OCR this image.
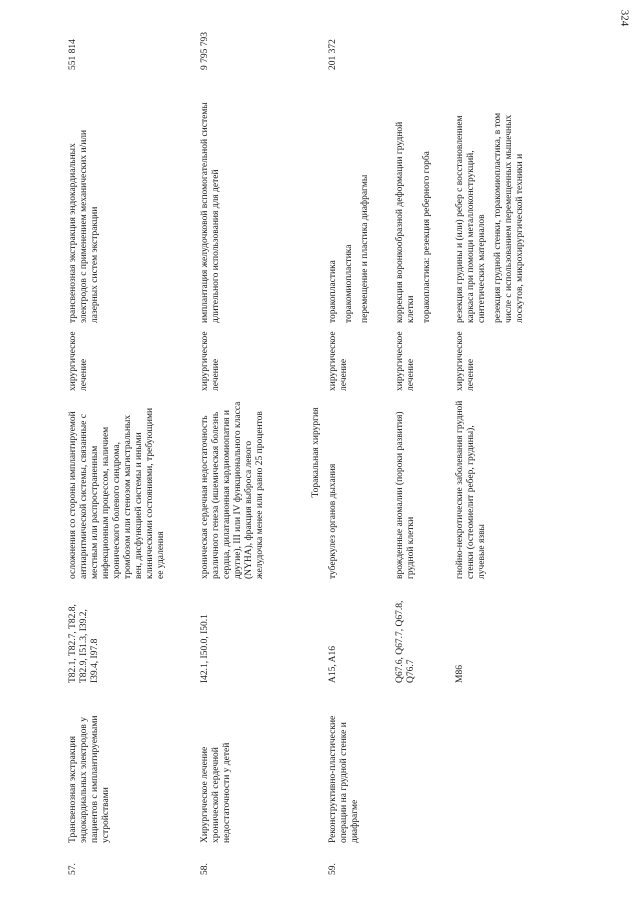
324
57.
Трансвенозная экстракция эндокардиальных электродов у пациентов с имплантируемыми устройствами
T82.1, T82.7, T82.8, T82.9, I51.3, I39.2, I39.4, I97.8
осложнения со стороны имплантируемой антиаритмической системы, связанные с местным или распространенным инфекционным процессом, наличием хронического болевого синдрома, тромбозом или стенозом магистральных вен, дисфункцией системы и иными клиническими состояниями, требующими ее удаления
хирургическое лечение

трансвенозная экстракция эндокардиальных электродов с применением механических и/или лазерных систем экстракции

551 814
58.
Хирургическое лечение хронической сердечной недостаточности у детей
I42.1, I50.0, I50.1
хроническая сердечная недостаточность различного генеза (ишемическая болезнь сердца, дилатационная кардиомиопатия и другие), III или IV функционального класса (NYHA), фракция выброса левого желудочка менее или равно 25 процентов
хирургическое лечение

имплантация желудочковой вспомогательной системы длительного использования для детей

9 795 793
Торакальная хирургия
59.
Реконструктивно-пластические операции на грудной стенке и диафрагме
A15, A16
туберкулез органов дыхания
хирургическое лечение

торакопластика торакомиопластика перемещение и пластика диафрагмы

201 372
Q67.6, Q67.7, Q67.8, Q76.7
врожденные аномалии (пороки развития) грудной клетки
хирургическое лечение

коррекция воронкообразной деформации грудной клетки торакопластика: резекция реберного горба

M86
гнойно-некротические заболевания грудной стенки (остеомиелит ребер, грудины), лучевые язвы
хирургическое лечение

резекция грудины и (или) ребер с восстановлением каркаса при помощи металлоконструкций, синтетических материалов резекция грудной стенки, торакомиопластика, в том числе с использованием перемещенных мышечных лоскутов, микрохирургической техники и
